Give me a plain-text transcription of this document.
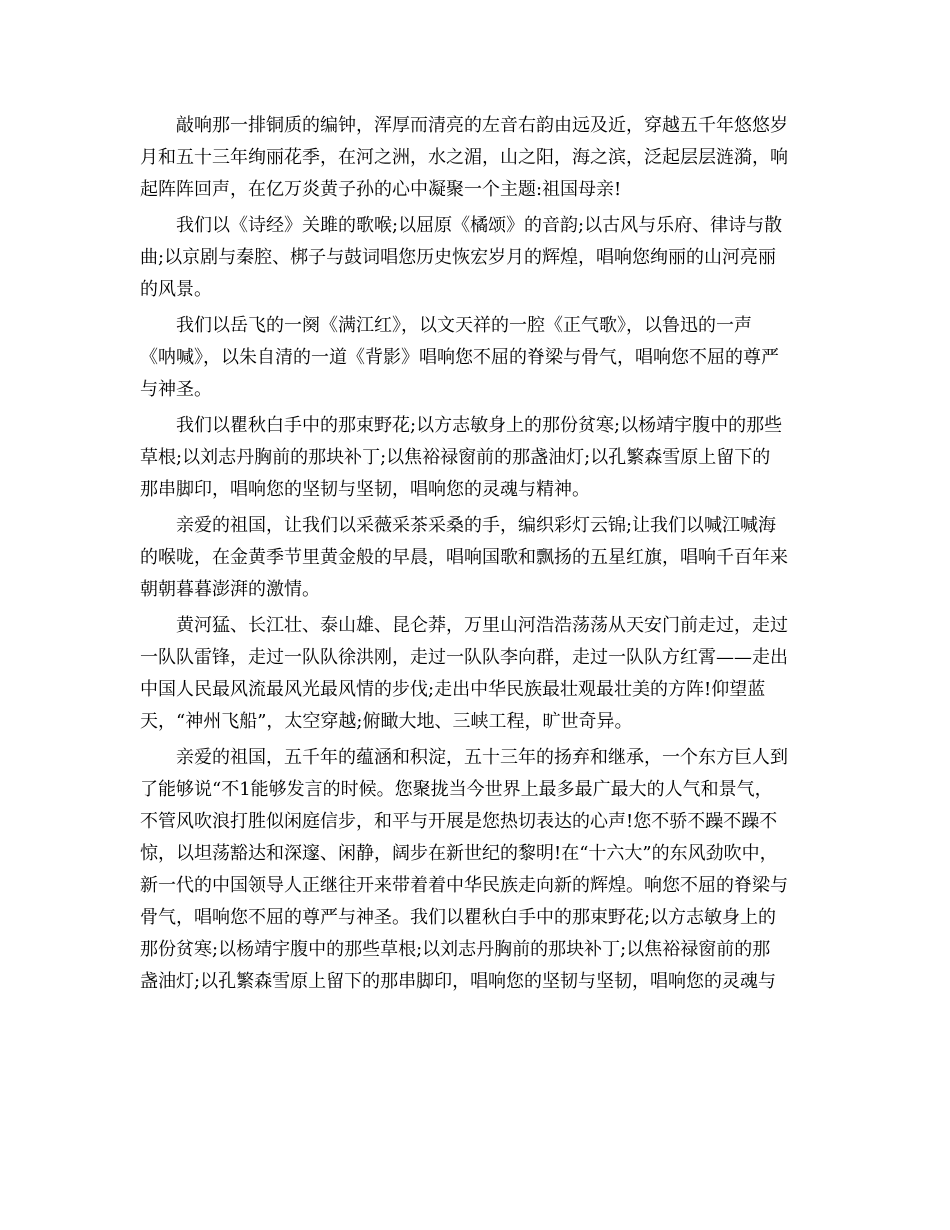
敲响那一排铜质的编钟，浑厚而清亮的左音右韵由远及近，穿越五千年悠悠岁
月和五十三年绚丽花季，在河之洲，水之湄，山之阳，海之滨，泛起层层涟漪，响
起阵阵回声，在亿万炎黄子孙的心中凝聚一个主题:祖国母亲!

我们以《诗经》关雎的歌喉;以屈原《橘颂》的音韵;以古风与乐府、律诗与散
曲;以京剧与秦腔、梆子与鼓词唱您历史恢宏岁月的辉煌，唱响您绚丽的山河亮丽
的风景。

我们以岳飞的一阕《满江红》，以文天祥的一腔《正气歌》，以鲁迅的一声
《呐喊》，以朱自清的一道《背影》唱响您不屈的脊梁与骨气，唱响您不屈的尊严
与神圣。

我们以瞿秋白手中的那束野花;以方志敏身上的那份贫寒;以杨靖宇腹中的那些
草根;以刘志丹胸前的那块补丁;以焦裕禄窗前的那盏油灯;以孔繁森雪原上留下的
那串脚印，唱响您的坚韧与坚韧，唱响您的灵魂与精神。

亲爱的祖国，让我们以采薇采茶采桑的手，编织彩灯云锦;让我们以喊江喊海
的喉咙，在金黄季节里黄金般的早晨，唱响国歌和飘扬的五星红旗，唱响千百年来
朝朝暮暮澎湃的激情。

黄河猛、长江壮、泰山雄、昆仑莽，万里山河浩浩荡荡从天安门前走过，走过
一队队雷锋，走过一队队徐洪刚，走过一队队李向群，走过一队队方红霄——走出
中国人民最风流最风光最风情的步伐;走出中华民族最壮观最壮美的方阵!仰望蓝
天，“神州飞船”，太空穿越;俯瞰大地、三峡工程，旷世奇异。

亲爱的祖国，五千年的蕴涵和积淀，五十三年的扬弃和继承，一个东方巨人到
了能够说“不1能够发言的时候。您聚拢当今世界上最多最广最大的人气和景气，
不管风吹浪打胜似闲庭信步，和平与开展是您热切表达的心声!您不骄不躁不躁不
惊，以坦荡豁达和深邃、闲静，阔步在新世纪的黎明!在“十六大”的东风劲吹中，
新一代的中国领导人正继往开来带着着中华民族走向新的辉煌。响您不屈的脊梁与
骨气，唱响您不屈的尊严与神圣。我们以瞿秋白手中的那束野花;以方志敏身上的
那份贫寒;以杨靖宇腹中的那些草根;以刘志丹胸前的那块补丁;以焦裕禄窗前的那
盏油灯;以孔繁森雪原上留下的那串脚印，唱响您的坚韧与坚韧，唱响您的灵魂与
